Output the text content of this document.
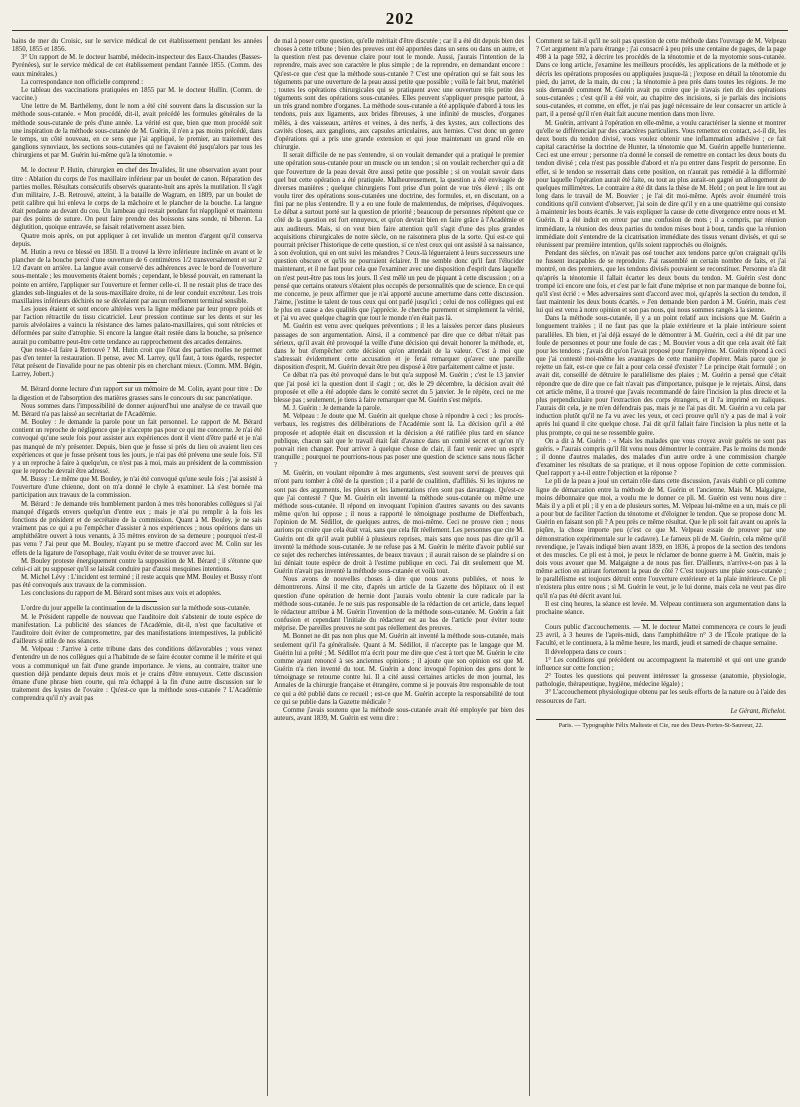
202

bains de mer du Croisic, sur le service médical de cet établissement pendant les années 1850, 1855 et 1856.

3° Un rapport de M. le docteur Isambé, médecin-inspecteur des Eaux-Chaudes (Basses-Pyrénées), sur le service médical de cet établissement pendant l'année 1855. (Comm. des eaux minérales.)

La correspondance non officielle comprend :

Le tableau des vaccinations pratiquées en 1855 par M. le docteur Hullin. (Comm. de vaccine.)

Une lettre de M. Barthélemy, dont le nom a été cité souvent dans la discussion sur la méthode sous-cutanée. « Mon procédé, dit-il, avait précédé les formules générales de la méthode sous-cutanée de près d'une année. La vérité est que, bien que mon procédé soit une inspiration de la méthode sous-cutanée de M. Guérin, il n'en a pas moins précédé, dans le temps, un côté nouveau, en ce sens que j'ai appliqué, le premier, au traitement des ganglions synoviaux, les sections sous-cutanées qui ne l'avaient été jusqu'alors par tous les chirurgiens et par M. Guérin lui-même qu'à la ténotomie. »

M. le docteur P. Hutin, chirurgien en chef des Invalides, lit une observation ayant pour titre : Ablation du corps de l'os maxillaire inférieur par un boulet de canon. Réparation des parties molles. Résultats consécutifs observés quarante-huit ans après la mutilation. Il s'agit d'un militaire, J.-B. Retrouvé, atteint, à la bataille de Wagram, en 1809, par un boulet de petit calibre qui lui enleva le corps de la mâchoire et le plancher de la bouche. La langue était pendante au devant du cou. Un lambeau qui restait pendant fut réappliqué et maintenu par des points de suture. On peut faire prendre des boissons sans sonde, ni biberon. La déglutition, quoique entravée, se faisait relativement assez bien.

Quatre mois après, on put appliquer à cet invalide un menton d'argent qu'il conserva depuis.

M. Hutin a revu ce blessé en 1850. Il a trouvé la lèvre inférieure inclinée en avant et le plancher de la bouche percé d'une ouverture de 6 centimètres 1/2 transversalement et sur 2 1/2 d'avant en arrière. La langue avait conservé des adhérences avec le bord de l'ouverture sous-mentale ; les mouvements étaient bornés ; cependant, le blessé pouvait, en ramenant la pointe en arrière, l'appliquer sur l'ouverture et fermer celle-ci. Il ne restait plus de trace des glandes sub-linguales et de la sous-maxillaire droite, ni de leur conduit excréteur. Les trois maxillaires inférieurs déchirés ne se décelaient par aucun renflement terminal sensible.

Les joues étaient et sont encore altérées vers la ligne médiane par leur propre poids et par l'action rétractile du tissu cicatriciel. Leur pression continue sur les dents et sur les parois alvéolaires a vaincu la résistance des lames palato-maxillaires, qui sont rétrécies et déformées par suite d'atrophie. Si encore la langue était restée dans la bouche, sa présence aurait pu combattre peut-être cette tendance au rapprochement des arcades dentaires.

Que reste-t-il faire à Retrouvé ? M. Hutin croit que l'état des parties molles ne permet pas d'en tenter la restauration. Il pense, avec M. Larrey, qu'il faut, à tous égards, respecter l'état présent de l'invalide pour ne pas obtenir pis en cherchant mieux. (Comm. MM. Bégin, Larrey, Jobert.)

M. Bérard donne lecture d'un rapport sur un mémoire de M. Colin, ayant pour titre : De la digestion et de l'absorption des matières grasses sans le concours du suc pancréatique.

Nous sommes dans l'impossibilité de donner aujourd'hui une analyse de ce travail que M. Bérard n'a pas laissé au secrétariat de l'Académie.

M. Bouley : Je demande la parole pour un fait personnel. Le rapport de M. Bérard contient un reproche de négligence que je n'accepte pas pour ce qui me concerne. Je n'ai été convoqué qu'une seule fois pour assister aux expériences dont il vient d'être parlé et je n'ai pas manqué de m'y présenter. Depuis, bien que je fusse si près du lieu où avaient lieu ces expériences et que je fusse présent tous les jours, je n'ai pas été prévenu une seule fois. S'il y a un reproche à faire à quelqu'un, ce n'est pas à moi, mais au président de la commission que le reproche devrait être adressé.

M. Bussy : Le même que M. Bouley, je n'ai été convoqué qu'une seule fois ; j'ai assisté à l'ouverture d'une chienne, dont on m'a donné le chyle à examiner. Là s'est bornée ma participation aux travaux de la commission.

M. Bérard : Je demande très humblement pardon à mes très honorables collègues si j'ai manqué d'égards envers quelqu'un d'entre eux ; mais je n'ai pu remplir à la fois les fonctions de président et de secrétaire de la commission. Quant à M. Bouley, je ne sais vraiment pas ce qui a pu l'empêcher d'assister à nos expériences ; nous opérions dans un amphithéâtre ouvert à tous venants, à 35 mètres environ de sa demeure ; pourquoi n'est-il pas venu ? J'ai peur que M. Bouley, n'ayant pu se mettre d'accord avec M. Colin sur les effets de la ligature de l'œsophage, n'ait voulu éviter de se trouver avec lui.

M. Bouley proteste énergiquement contre la supposition de M. Bérard ; il s'étonne que celui-ci ait pu supposer qu'il se laissât conduire par d'aussi mesquines intentions.

M. Michel Lévy : L'incident est terminé ; il reste acquis que MM. Bouley et Bussy n'ont pas été convoqués aux travaux de la commission.

Les conclusions du rapport de M. Bérard sont mises aux voix et adoptées.

L'ordre du jour appelle la continuation de la discussion sur la méthode sous-cutanée.

M. le Président rappelle de nouveau que l'auditoire doit s'abstenir de toute espèce de manifestation. La publicité des séances de l'Académie, dit-il, n'est que facultative et l'auditoire doit éviter de compromettre, par des manifestations intempestives, la publicité d'ailleurs si utile de nos séances.

M. Velpeau : J'arrive à cette tribune dans des conditions défavorables ; vous venez d'entendre un de nos collègues qui a l'habitude de se faire écouter comme il le mérite et qui vous a communiqué un fait d'une grande importance. Je viens, au contraire, traiter une question déjà pendante depuis deux mois et je crains d'être ennuyeux. Cette discussion émane d'une phrase bien courte, qui m'a échappé à la fin d'une autre discussion sur le traitement des kystes de l'ovaire : Qu'est-ce que la méthode sous-cutanée ? L'Académie comprendra qu'il n'y avait pas

de mal à poser cette question, qu'elle méritait d'être discutée ; car il a été dit depuis bien des choses à cette tribune ; bien des preuves ont été apportées dans un sens ou dans un autre, et la question n'est pas devenue claire pour tout le monde. Aussi, j'aurais l'intention de la reprendre, mais avec son caractère le plus simple ; de la reprendre, en demandant encore : Qu'est-ce que c'est que la méthode sous-cutanée ? C'est une opération qui se fait sous les téguments par une ouverture de la peau aussi petite que possible ; voilà le fait brut, matériel ; toutes les opérations chirurgicales qui se pratiquent avec une ouverture très petite des téguments sont des opérations sous-cutanées. Elles peuvent s'appliquer presque partout, à un très grand nombre d'organes. La méthode sous-cutanée a été appliquée d'abord à tous les tendons, puis aux ligaments, aux brides fibreuses, à une infinité de muscles, d'organes mêlés, à des vaisseaux, artères et veines, à des nerfs, à des kystes, aux collections des cavités closes, aux ganglions, aux capsules articulaires, aux hernies. C'est donc un genre d'opérations qui a pris une grande extension et qui joue maintenant un grand rôle en chirurgie.

Il serait difficile de ne pas s'entendre, si on voulait demander qui a pratiqué le premier une opération sous-cutanée pour un muscle ou un tendon ; si on voulait rechercher qui a dit que l'ouverture de la peau devait être aussi petite que possible ; si on voulait savoir dans quel but cette opération a été pratiquée. Malheureusement, la question a été envisagée de diverses manières ; quelque chirurgiens l'ont prise d'un point de vue très élevé ; ils ont voulu tirer des opérations sous-cutanées une doctrine, des formules, et, en discutant, on a fini par ne plus s'entendre. Il y a eu une foule de malentendus, de méprises, d'équivoques. Le débat a surtout porté sur la question de priorité ; beaucoup de personnes répètent que ce côté de la question est fort ennuyeux, et qu'on devrait bien en faire grâce à l'Académie et aux auditeurs. Mais, si on veut bien faire attention qu'il s'agit d'une des plus grandes acquisitions chirurgicales de notre siècle, on ne raisonnera plus de la sorte. Qui est-ce qui pourrait préciser l'historique de cette question, si ce n'est ceux qui ont assisté à sa naissance, à son évolution, qui en ont suivi les méandres ? Ceux-là légueraient à leurs successeurs une question obscure et qu'ils ne pourraient éclairer. Il me semble donc qu'il faut l'élucider maintenant, et il ne faut pour cela que l'examiner avec une disposition d'esprit dans laquelle on n'est peut-être pas tous les jours. Il s'est mêlé un peu de piquant à cette discussion ; on a pensé que certains orateurs s'étaient plus occupés de personnalités que de science. En ce qui me concerne, je peux affirmer que je n'ai apporté aucune amertume dans cette discussion. J'aime, j'estime le talent de tous ceux qui ont parlé jusqu'ici ; celui de nos collègues qui est le plus en cause a des qualités que j'apprécie. Je cherche purement et simplement la vérité, et j'ai vu avec quelque chagrin que tout le monde n'en était pas là.

M. Guérin est venu avec quelques préventions ; il les a laissées percer dans plusieurs passages de son argumentation. Ainsi, il a commencé par dire que ce débat n'était pas sérieux, qu'il avait été provoqué la veille d'une décision qui devait honorer la méthode, et, dans le but d'empêcher cette décision qu'on attendait de la valeur. C'est à moi que s'adressait évidemment cette accusation et je ferai remarquer qu'avec une pareille disposition d'esprit, M. Guérin devait être peu disposé à être parfaitement calme et juste.

Ce débat n'a pas été provoqué dans le but qu'a supposé M. Guérin ; c'est le 13 janvier que j'ai posé ici la question dont il s'agit ; or, dès le 29 décembre, la décision avait été proposée et elle a été adoptée dans le comité secret du 5 janvier. Je le répète, ceci ne me blesse pas ; seulement, je tiens à faire remarquer que M. Guérin s'est mépris.

M. J. Guérin : Je demande la parole.

M. Velpeau : Je doute que M. Guérin ait quelque chose à répondre à ceci ; les procès-verbaux, les registres des délibérations de l'Académie sont là. La décision qu'il a été proposée et adoptée était en discussion et la décision a été ratifiée plus tard en séance publique, chacun sait que le travail était fait d'avance dans un comité secret et qu'on n'y pouvait rien changer. Pour arriver à quelque chose de clair, il faut venir avec un esprit tranquille ; pourquoi ne pourrions-nous pas poser une question de science sans nous fâcher ?

M. Guérin, en voulant répondre à mes arguments, s'est souvent servi de preuves qui m'ont paru tomber à côté de la question ; il a parlé de coalition, d'affiliés. Si les injures ne sont pas des arguments, les pleurs et les lamentations n'en sont pas davantage. Qu'est-ce que j'ai contesté ? Que M. Guérin eût inventé la méthode sous-cutanée ou même une méthode sous-cutanée. Il répond en invoquant l'opinion d'autres savants ou des savants même qu'on lui oppose ; il nous a rapporté le témoignage posthume de Dieffenbach, l'opinion de M. Sédillot, de quelques autres, de moi-même. Ceci ne prouve rien ; nous aurions pu croire que cela était vrai, sans que cela fût réellement. Les personnes que cite M. Guérin ont dit qu'il avait publié à plusieurs reprises, mais sans que nous pas dire qu'il a inventé la méthode sous-cutanée. Je ne refuse pas à M. Guérin le mérite d'avoir publié sur ce sujet des recherches intéressantes, de beaux travaux ; il aurait raison de se plaindre si on lui déniait toute espèce de droit à l'estime publique en ceci. J'ai dit seulement que M. Guérin n'avait pas inventé la méthode sous-cutanée et voilà tout.

Nous avons de nouvelles choses à dire que nous avons publiées, et nous le démontrerons. Ainsi il me cite, d'après un article de la Gazette des hôpitaux où il est question d'une opération de hernie dont j'aurais voulu obtenir la cure radicale par la méthode sous-cutanée. Je ne suis pas responsable de la rédaction de cet article, dans lequel le rédacteur attribue à M. Guérin l'invention de la méthode sous-cutanée. M. Guérin a fait confusion et cependant l'initiale du rédacteur est au bas de l'article pour éviter toute méprise. De pareilles preuves ne sont pas réellement des preuves.

M. Bonnet ne dit pas non plus que M. Guérin ait inventé la méthode sous-cutanée, mais seulement qu'il l'a généralisée. Quant à M. Sédillot, il n'accepte pas le langage que M. Guérin lui a prêté ; M. Sédillot m'a écrit pour me dire que c'est à tort que M. Guérin le cite comme ayant renoncé à ses anciennes opinions ; il ajoute que son opinion est que M. Guérin n'a rien inventé du tout. M. Guérin a donc invoqué l'opinion des gens dont le témoignage se retourne contre lui. Il a cité aussi certaines articles de mon journal, les Annales de la chirurgie française et étrangère, comme si je pouvais être responsable de tout ce qui a été publié dans ce recueil ; est-ce que M. Guérin accepte la responsabilité de tout ce qui se publie dans la Gazette médicale ?

Comme j'avais soutenu que la méthode sous-cutanée avait été employée par bien des auteurs, avant 1839, M. Guérin est venu dire :

Comment se fait-il qu'il ne soit pas question de cette méthode dans l'ouvrage de M. Velpeau ? Cet argument m'a paru étrange ; j'ai consacré à peu près une centaine de pages, de la page 498 à la page 592, à décrire les procédés de la ténotomie et de la myotomie sous-cutanée. Dans ce long article, j'examine les meilleurs procédés, les applications de la méthode et je décris les opérations proposées ou appliquées jusque-là ; j'expose en détail la ténotomie du pied, du jarret, de la main, du cou ; la ténotomie à peu près dans toutes les régions. Je me suis demandé comment M. Guérin avait pu croire que je n'avais rien dit des opérations sous-cutanées ; c'est qu'il a été voir, au chapitre des incisions, si je parlais des incisions sous-cutanées, et comme, en effet, je n'ai pas jugé nécessaire de leur consacrer un article à part, il a pensé qu'il n'en était fait aucune mention dans mon livre.

M. Guérin, arrivant à l'opération en elle-même, a voulu caractériser la sienne et montrer qu'elle se différenciait par des caractères particuliers. Vous remettez en contact, a-t-il dit, les deux bouts du tendon divisé, vous voulez obtenir une inflammation adhésive ; ce fait capital caractérise la doctrine de Hunter, la ténotomie que M. Guérin appelle hunterienne. Ceci est une erreur ; personne n'a donné le conseil de remettre en contact les deux bouts du tendon divisé ; cela n'est pas possible d'abord et n'a pu entrer dans l'esprit de personne. En effet, si le tendon se resserrait dans cette position, on n'aurait pas remédié à la difformité pour laquelle l'opération aurait été faite, ou tout au plus aurait-on gagné un allongement de quelques millimètres. Le contraire a été dit dans la thèse de M. Held ; on peut le lire tout au long dans le travail de M. Bouvier ; je l'ai dit moi-même. Après avoir énuméré trois conditions qu'il convient d'observer, j'ai soin de dire qu'il y en a une quatrième qui consiste à maintenir les bouts écartés. Je vais expliquer la cause de cette divergence entre nous et M. Guérin. Il a été induit en erreur par une confusion de mots ; il a compris, par réunion immédiate, la réunion des deux parties du tendon mises bout à bout, tandis que la réunion immédiate doit s'entendre de la cicatrisation immédiate des tissus venant divisés, et qui se réunissent par première intention, qu'ils soient rapprochés ou éloignés.

Pendant des siècles, on n'avait pas osé toucher aux tendons parce qu'on craignait qu'ils ne fussent incapables de se reproduire. J'ai rassemblé un certain nombre de faits, et j'ai montré, on des premiers, que les tendons divisés pouvaient se reconstituer. Personne n'a dit qu'après la ténotomie il fallait écarter les deux bouts du tendon. M. Guérin s'est donc trompé ici encore une fois, et c'est par le fait d'une méprise et non par manque de bonne foi, qu'il s'est écrié : « Mes adversaires sont d'accord avec moi, qu'après la section du tendon, il faut maintenir les deux bouts écartés. » J'en demande bien pardon à M. Guérin, mais c'est lui qui est venu à notre opinion et son pas nous, qui nous sommes rangés à la sienne.

Dans la méthode sous-cutanée, il y a un point relatif aux incisions que M. Guérin a longuement traitées ; il ne faut pas que la plaie extérieure et la plaie intérieure soient parallèles. Eh bien, et j'ai déjà essayé de le démontrer à M. Guérin, ceci a été dit par une foule de personnes et pour une foule de cas ; M. Bouvier vous a dit que cela avait été fait pour les tendons ; j'avais dit qu'on l'avait proposé pour l'empyème. M. Guérin répond à ceci que j'ai contesté moi-même les avantages de cette manière d'opérer. Mais parce que je rejette un fait, est-ce que ce fait a pour cela cessé d'exister ? Le principe était formulé ; on avait dit, conseillé de détruire le parallélisme des plaies ; M. Guérin a pensé que c'était répondre que de dire que ce fait n'avait pas d'importance, puisque je le rejetais. Ainsi, dans cet article même, il a trouvé que j'avais recommandé de faire l'incision la plus directe et la plus perpendiculaire pour l'extraction des corps étrangers, et il l'a imprimé en italiques. J'aurais dit cela, je ne m'en défendrais pas, mais je ne l'ai pas dit. M. Guérin a vu cela par induction plutôt qu'il ne l'a vu avec les yeux, et ceci prouve qu'il n'y a pas de mal à voir après lui quand il cite quelque chose. J'ai dit qu'il fallait faire l'incision la plus nette et la plus prompte, ce qui ne se ressemble guère.

On a dit à M. Guérin : « Mais les malades que vous croyez avoir guéris ne sont pas guéris. » J'aurais compris qu'il fût venu nous démontrer le contraire. Pas le moins du monde ; il donne d'autres malades, des malades d'un autre ordre à une commission chargée d'examiner les résultats de sa pratique, et il nous oppose l'opinion de cette commission. Quel rapport y a-t-il entre l'objection et la réponse ?

Le pli de la peau a joué un certain rôle dans cette discussion, j'avais établi ce pli comme ligne de démarcation entre la méthode de M. Guérin et l'ancienne. Mais M. Malgaigne, moins débonnaire que moi, a voulu me le donner ce pli. M. Guérin est venu nous dire : Mais il y a pli et pli ; il y en a de plusieurs sortes, M. Velpeau lui-même en a un, mais ce pli a pour but de faciliter l'action du ténotome et d'éloigner le tendon. Que se propose donc M. Guérin en faisant son pli ? A peu près ce même résultat. Que le pli soit fait avant ou après la piqûre, la chose importe peu (c'est ce que M. Velpeau essaie de prouver par une démonstration expérimentale sur le cadavre). Le fameux pli de M. Guérin, cela même qu'il revendique, je l'avais indiqué bien avant 1839, en 1836, à propos de la section des tendons et des muscles. Ce pli est à moi, je peux le réclamer de bonne guerre à M. Guérin, mais je dois vous avouer que M. Malgaigne a de nous pas fier. D'ailleurs, n'arrive-t-on pas à la même action en attirant fortement la peau de côté ? C'est toujours une plaie sous-cutanée ; le parallélisme est toujours détruit entre l'ouverture extérieure et la plaie intérieure. Ce pli n'existera plus entre nous ; si M. Guérin le veut, je le lui donne, mais cela ne veut pas dire qu'il n'a pas été décrit avant lui.

Il est cinq heures, la séance est levée. M. Velpeau continuera son argumentation dans la prochaine séance.

Cours public d'accouchements. — M. le docteur Mattei commencera ce cours le jeudi 23 avril, à 3 heures de l'après-midi, dans l'amphithéâtre n° 3 de l'École pratique de la Faculté, et le continuera, à la même heure, les mardi, jeudi et samedi de chaque semaine.

Il développera dans ce cours :

1° Les conditions qui précèdent ou accompagnent la maternité et qui ont une grande influence sur cette fonction ;

2° Toutes les questions qui peuvent intéresser la grossesse (anatomie, physiologie, pathologie, thérapeutique, hygiène, médecine légale) ;

3° L'accouchement physiologique obtenu par les seuls efforts de la nature ou à l'aide des ressources de l'art.

Le Gérant, Richelot.
Paris. — Typographie Félix Malteste et Cie, rue des Deux-Portes-St-Sauveur, 22.
